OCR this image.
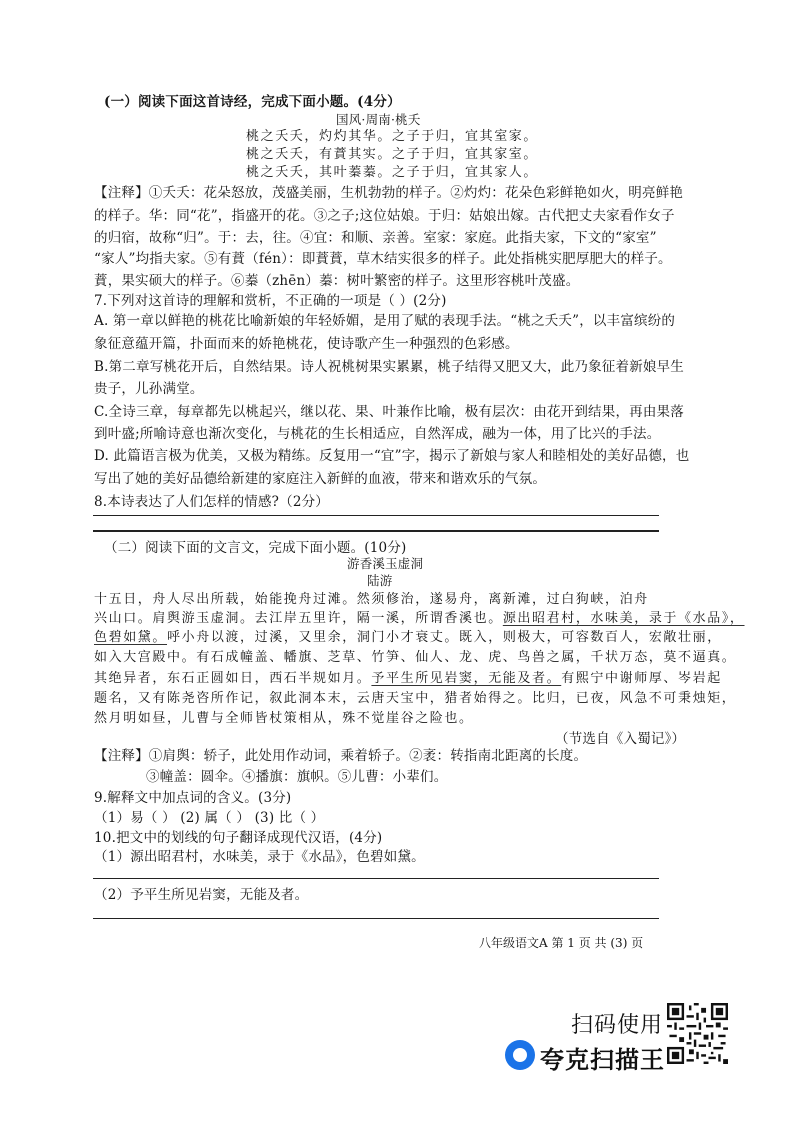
(一）阅读下面这首诗经，完成下面小题。(4分）
国风·周南·桃夭
桃之夭夭，灼灼其华。之子于归，宜其室家。
桃之夭夭，有蕡其实。之子于归，宜其家室。
桃之夭夭，其叶蓁蓁。之子于归，宜其家人。
【注释】①夭夭：花朵怒放，茂盛美丽，生机勃勃的样子。②灼灼：花朵色彩鲜艳如火，明亮鲜艳
的样子。华：同“花”，指盛开的花。③之子;这位姑娘。于归：姑娘出嫁。古代把丈夫家看作女子
的归宿，故称“归”。于：去，往。④宜：和顺、亲善。室家：家庭。此指夫家，下文的“家室”
“家人”均指夫家。⑤有蕡（fén）：即蕡蕡，草木结实很多的样子。此处指桃实肥厚肥大的样子。
蕡，果实硕大的样子。⑥蓁（zhēn）蓁：树叶繁密的样子。这里形容桃叶茂盛。
7.下列对这首诗的理解和赏析，不正确的一项是（ ）(2分)
A. 第一章以鲜艳的桃花比喻新娘的年轻娇媚，是用了赋的表现手法。“桃之夭夭”，以丰富缤纷的
象征意蕴开篇，扑面而来的娇艳桃花，使诗歌产生一种强烈的色彩感。
B.第二章写桃花开后，自然结果。诗人祝桃树果实累累，桃子结得又肥又大，此乃象征着新娘早生
贵子，儿孙满堂。
C.全诗三章，每章都先以桃起兴，继以花、果、叶兼作比喻，极有层次：由花开到结果，再由果落
到叶盛;所喻诗意也渐次变化，与桃花的生长相适应，自然浑成，融为一体，用了比兴的手法。
D. 此篇语言极为优美，又极为精练。反复用一“宜”字，揭示了新娘与家人和睦相处的美好品德，也
写出了她的美好品德给新建的家庭注入新鲜的血液，带来和谐欢乐的气氛。
8.本诗表达了人们怎样的情感?（2分）
（二）阅读下面的文言文，完成下面小题。(10分)
游香溪玉虚洞
陆游
十五日，舟人尽出所载，始能挽舟过滩。然须修治，遂易舟，离新滩，过白狗峡，泊舟
兴山口。肩舆游玉虚洞。去江岸五里许，隔一溪，所谓香溪也。源出昭君村，水味美，录于《水品》，
色碧如黛。呼小舟以渡，过溪，又里余，洞门小才衰丈。既入，则极大，可容数百人，宏敞壮丽，
如入大宫殿中。有石成幢盖、幡旗、芝草、竹笋、仙人、龙、虎、鸟兽之属，千状万态，莫不逼真。
其绝异者，东石正圆如日，西石半规如月。予平生所见岩窦，无能及者。有熙宁中谢师厚、岑岩起
题名，又有陈尧咨所作记，叙此洞本末，云唐天宝中，猎者始得之。比归，已夜，风急不可秉烛矩，
然月明如昼，儿曹与全师皆杖策相从，殊不觉崖谷之险也。
（节选自《入蜀记》）
【注释】①肩舆：轿子，此处用作动词，乘着轿子。②袤：转指南北距离的长度。
③幢盖：圆伞。④播旗：旗帜。⑤儿曹：小辈们。
9.解释文中加点词的含义。(3分)
（1）易（ ） (2) 属（ ） (3) 比（ ）
10.把文中的划线的句子翻译成现代汉语，(4分)
（1）源出昭君村，水味美，录于《水品》，色碧如黛。
（2）予平生所见岩窦，无能及者。
八年级语文A 第 1 页 共 (3) 页
扫码使用
夸克扫描王
